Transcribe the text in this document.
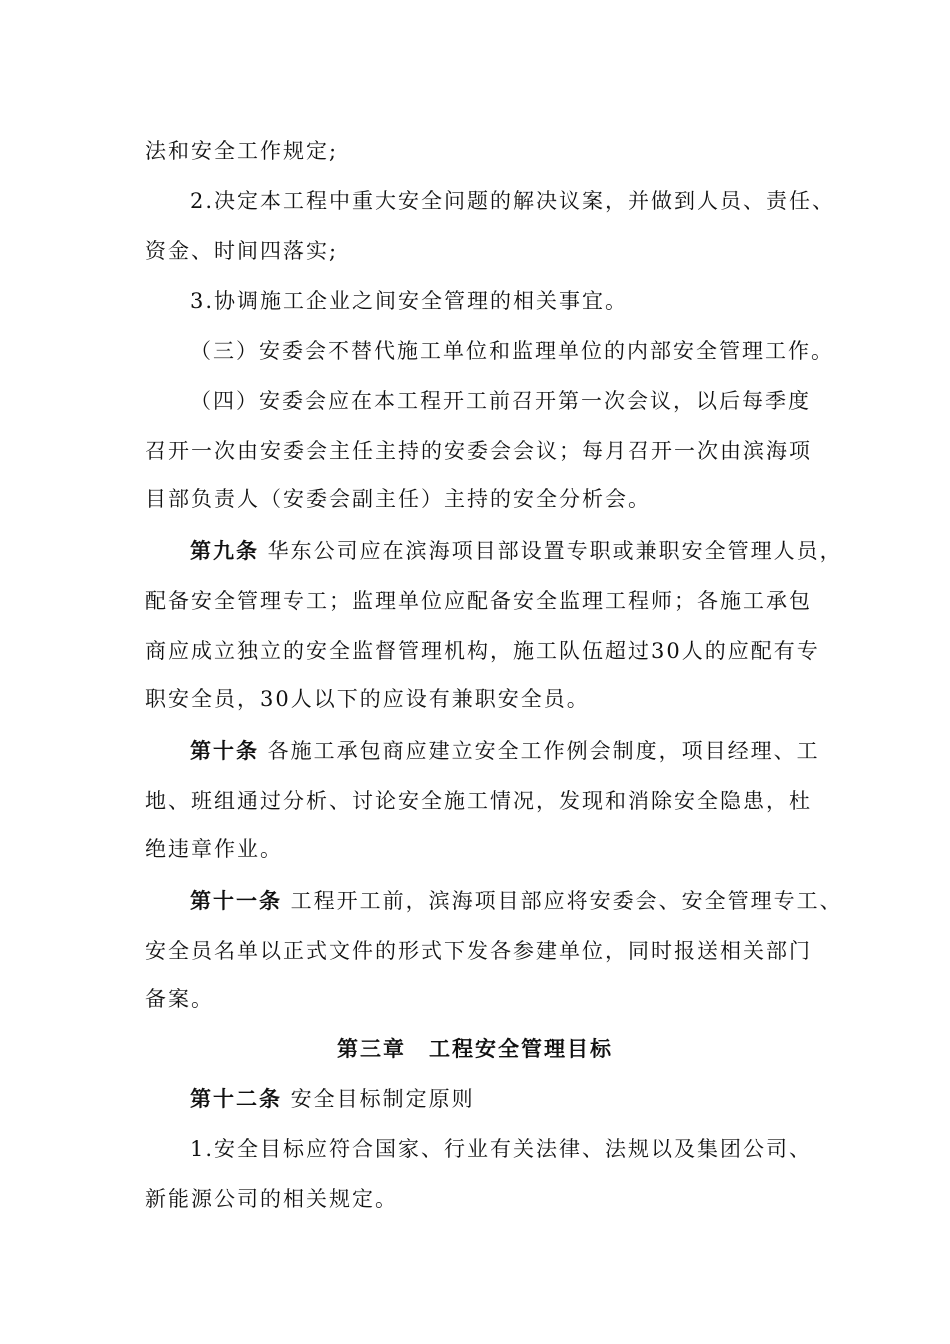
法和安全工作规定;
2.决定本工程中重大安全问题的解决议案，并做到人员、责任、
资金、时间四落实;
3.协调施工企业之间安全管理的相关事宜。
（三）安委会不替代施工单位和监理单位的内部安全管理工作。
（四）安委会应在本工程开工前召开第一次会议，以后每季度
召开一次由安委会主任主持的安委会会议；每月召开一次由滨海项
目部负责人（安委会副主任）主持的安全分析会。
第九条 华东公司应在滨海项目部设置专职或兼职安全管理人员，
配备安全管理专工；监理单位应配备安全监理工程师；各施工承包
商应成立独立的安全监督管理机构，施工队伍超过30人的应配有专
职安全员，30人以下的应设有兼职安全员。
第十条 各施工承包商应建立安全工作例会制度，项目经理、工
地、班组通过分析、讨论安全施工情况，发现和消除安全隐患，杜
绝违章作业。
第十一条 工程开工前，滨海项目部应将安委会、安全管理专工、
安全员名单以正式文件的形式下发各参建单位，同时报送相关部门
备案。
第三章　工程安全管理目标
第十二条 安全目标制定原则
1.安全目标应符合国家、行业有关法律、法规以及集团公司、
新能源公司的相关规定。
